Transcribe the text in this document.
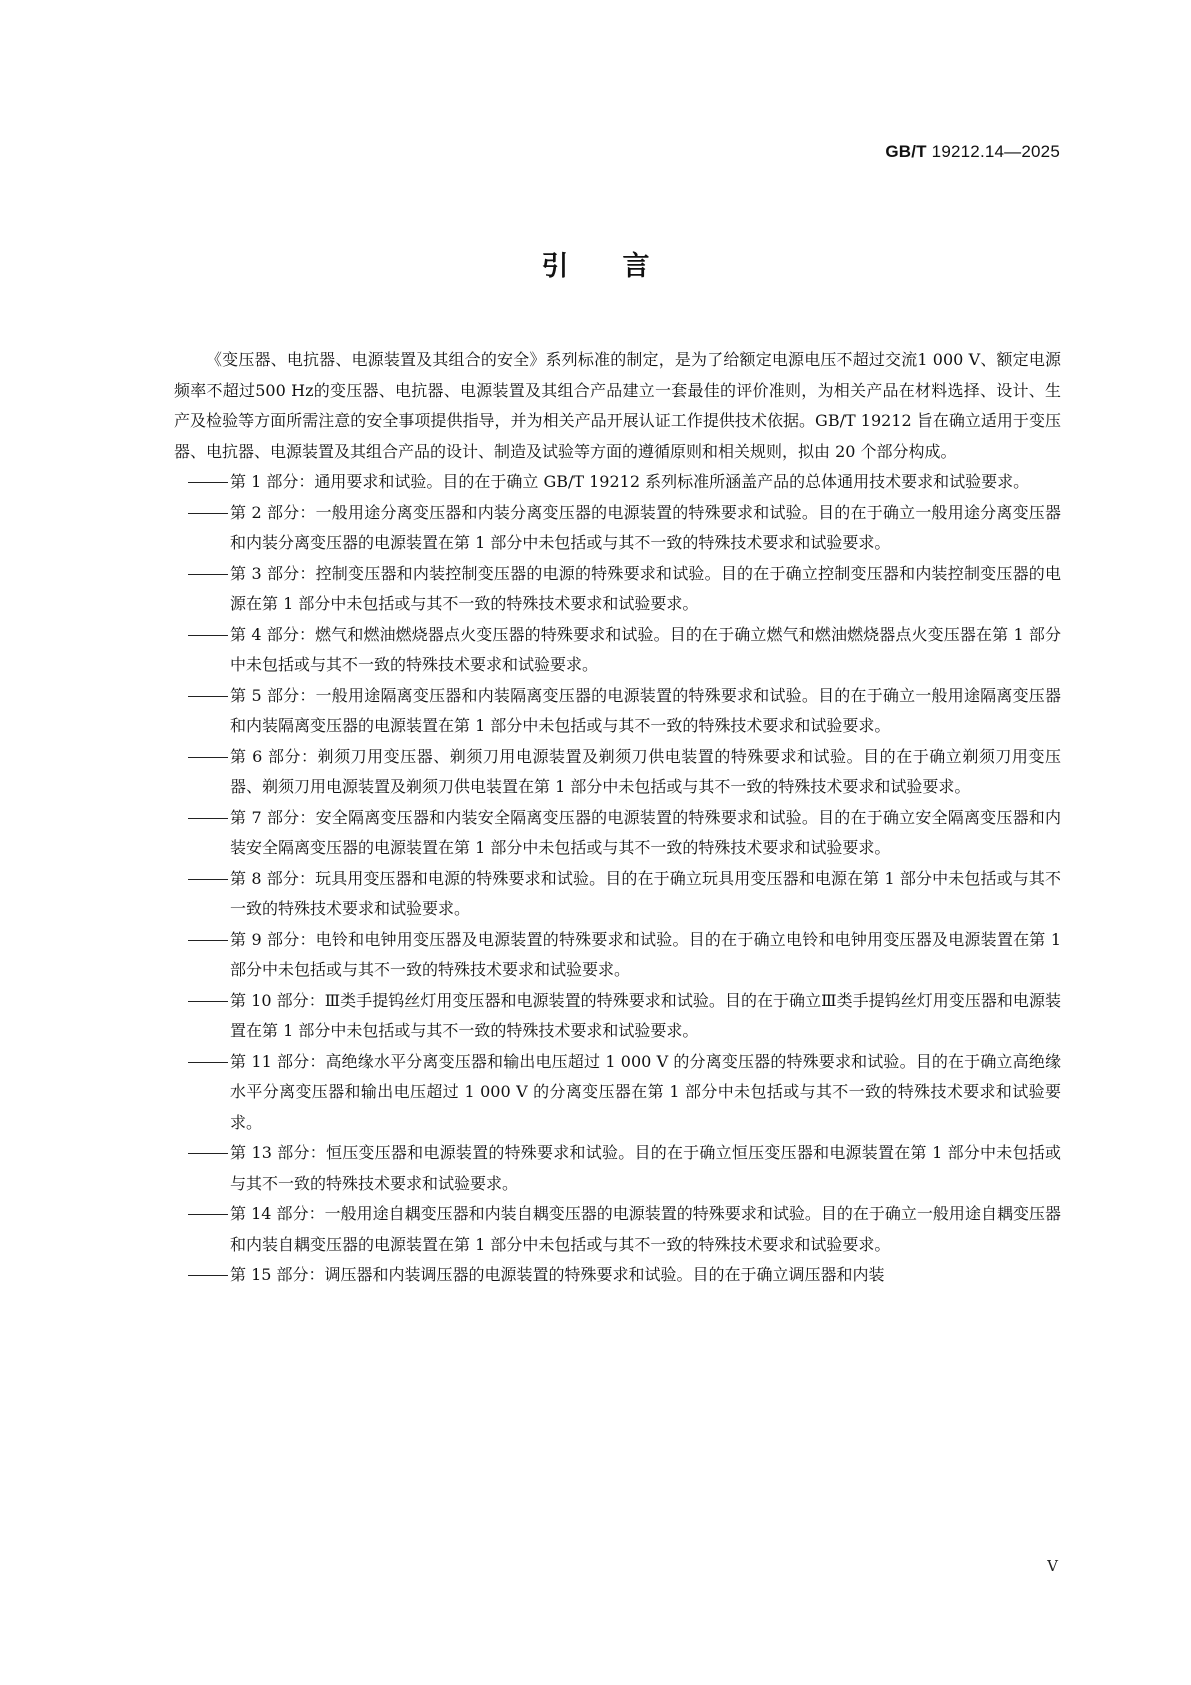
GB/T 19212.14—2025
引言

《变压器、电抗器、电源装置及其组合的安全》系列标准的制定，是为了给额定电源电压不超过交流1 000 V、额定电源频率不超过500 Hz的变压器、电抗器、电源装置及其组合产品建立一套最佳的评价准则，为相关产品在材料选择、设计、生产及检验等方面所需注意的安全事项提供指导，并为相关产品开展认证工作提供技术依据。GB/T 19212 旨在确立适用于变压器、电抗器、电源装置及其组合产品的设计、制造及试验等方面的遵循原则和相关规则，拟由 20 个部分构成。

第 1 部分：通用要求和试验。目的在于确立 GB/T 19212 系列标准所涵盖产品的总体通用技术要求和试验要求。
第 2 部分：一般用途分离变压器和内装分离变压器的电源装置的特殊要求和试验。目的在于确立一般用途分离变压器和内装分离变压器的电源装置在第 1 部分中未包括或与其不一致的特殊技术要求和试验要求。
第 3 部分：控制变压器和内装控制变压器的电源的特殊要求和试验。目的在于确立控制变压器和内装控制变压器的电源在第 1 部分中未包括或与其不一致的特殊技术要求和试验要求。
第 4 部分：燃气和燃油燃烧器点火变压器的特殊要求和试验。目的在于确立燃气和燃油燃烧器点火变压器在第 1 部分中未包括或与其不一致的特殊技术要求和试验要求。
第 5 部分：一般用途隔离变压器和内装隔离变压器的电源装置的特殊要求和试验。目的在于确立一般用途隔离变压器和内装隔离变压器的电源装置在第 1 部分中未包括或与其不一致的特殊技术要求和试验要求。
第 6 部分：剃须刀用变压器、剃须刀用电源装置及剃须刀供电装置的特殊要求和试验。目的在于确立剃须刀用变压器、剃须刀用电源装置及剃须刀供电装置在第 1 部分中未包括或与其不一致的特殊技术要求和试验要求。
第 7 部分：安全隔离变压器和内装安全隔离变压器的电源装置的特殊要求和试验。目的在于确立安全隔离变压器和内装安全隔离变压器的电源装置在第 1 部分中未包括或与其不一致的特殊技术要求和试验要求。
第 8 部分：玩具用变压器和电源的特殊要求和试验。目的在于确立玩具用变压器和电源在第 1 部分中未包括或与其不一致的特殊技术要求和试验要求。
第 9 部分：电铃和电钟用变压器及电源装置的特殊要求和试验。目的在于确立电铃和电钟用变压器及电源装置在第 1 部分中未包括或与其不一致的特殊技术要求和试验要求。
第 10 部分：Ⅲ类手提钨丝灯用变压器和电源装置的特殊要求和试验。目的在于确立Ⅲ类手提钨丝灯用变压器和电源装置在第 1 部分中未包括或与其不一致的特殊技术要求和试验要求。
第 11 部分：高绝缘水平分离变压器和输出电压超过 1 000 V 的分离变压器的特殊要求和试验。目的在于确立高绝缘水平分离变压器和输出电压超过 1 000 V 的分离变压器在第 1 部分中未包括或与其不一致的特殊技术要求和试验要求。
第 13 部分：恒压变压器和电源装置的特殊要求和试验。目的在于确立恒压变压器和电源装置在第 1 部分中未包括或与其不一致的特殊技术要求和试验要求。
第 14 部分：一般用途自耦变压器和内装自耦变压器的电源装置的特殊要求和试验。目的在于确立一般用途自耦变压器和内装自耦变压器的电源装置在第 1 部分中未包括或与其不一致的特殊技术要求和试验要求。
第 15 部分：调压器和内装调压器的电源装置的特殊要求和试验。目的在于确立调压器和内装
V
